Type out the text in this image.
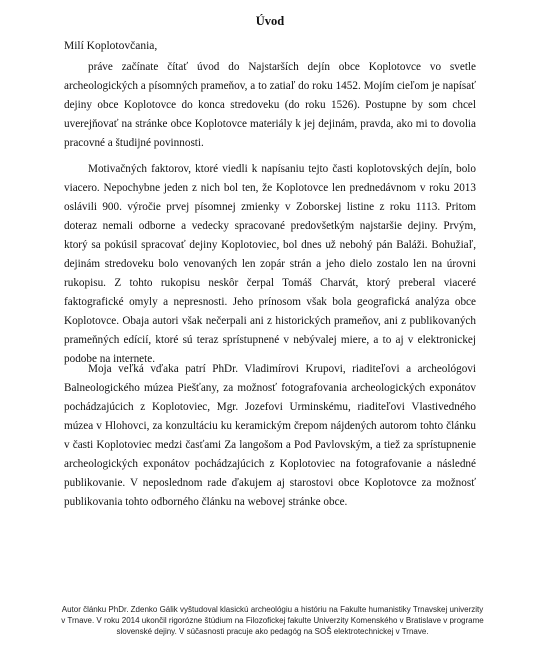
Úvod
Milí Koplotovčania,

práve začínate čítať úvod do Najstarších dejín obce Koplotovce vo svetle archeologických a písomných prameňov, a to zatiaľ do roku 1452. Mojím cieľom je napísať dejiny obce Koplotovce do konca stredoveku (do roku 1526). Postupne by som chcel uverejňovať na stránke obce Koplotovce materiály k jej dejinám, pravda, ako mi to dovolia pracovné a študijné povinnosti.

Motivačných faktorov, ktoré viedli k napísaniu tejto časti koplotovských dejín, bolo viacero. Nepochybne jeden z nich bol ten, že Koplotovce len prednedávnom v roku 2013 oslávili 900. výročie prvej písomnej zmienky v Zoborskej listine z roku 1113. Pritom doteraz nemali odborne a vedecky spracované predovšetkým najstaršie dejiny. Prvým, ktorý sa pokúsil spracovať dejiny Koplotoviec, bol dnes už nebohý pán Baláži. Bohužiaľ, dejinám stredoveku bolo venovaných len zopár strán a jeho dielo zostalo len na úrovni rukopisu. Z tohto rukopisu neskôr čerpal Tomáš Charvát, ktorý preberal viaceré faktografické omyly a nepresnosti. Jeho prínosom však bola geografická analýza obce Koplotovce. Obaja autori však nečerpali ani z historických prameňov, ani z publikovaných prameňných edícií, ktoré sú teraz sprístupnené v nebývalej miere, a to aj v elektronickej podobe na internete.

Moja veľká vďaka patrí PhDr. Vladimírovi Krupovi, riaditeľovi a archeológovi Balneologického múzea Piešťany, za možnosť fotografovania archeologických exponátov pochádzajúcich z Koplotoviec, Mgr. Jozefovi Urminskému, riaditeľovi Vlastivedného múzea v Hlohovci, za konzultáciu ku keramickým črepom nájdených autorom tohto článku v časti Koplotoviec medzi časťami Za langošom a Pod Pavlovským, a tiež za sprístupnenie archeologických exponátov pochádzajúcich z Koplotoviec na fotografovanie a následné publikovanie. V neposlednom rade ďakujem aj starostovi obce Koplotovce za možnosť publikovania tohto odborného článku na webovej stránke obce.

Autor článku PhDr. Zdenko Gálik vyštudoval klasickú archeológiu a históriu na Fakulte humanistiky Trnavskej univerzity v Trnave. V roku 2014 ukončil rigorózne štúdium na Filozofickej fakulte Univerzity Komenského v Bratislave v programe slovenské dejiny. V súčasnosti pracuje ako pedagóg na SOŠ elektrotechnickej v Trnave.
